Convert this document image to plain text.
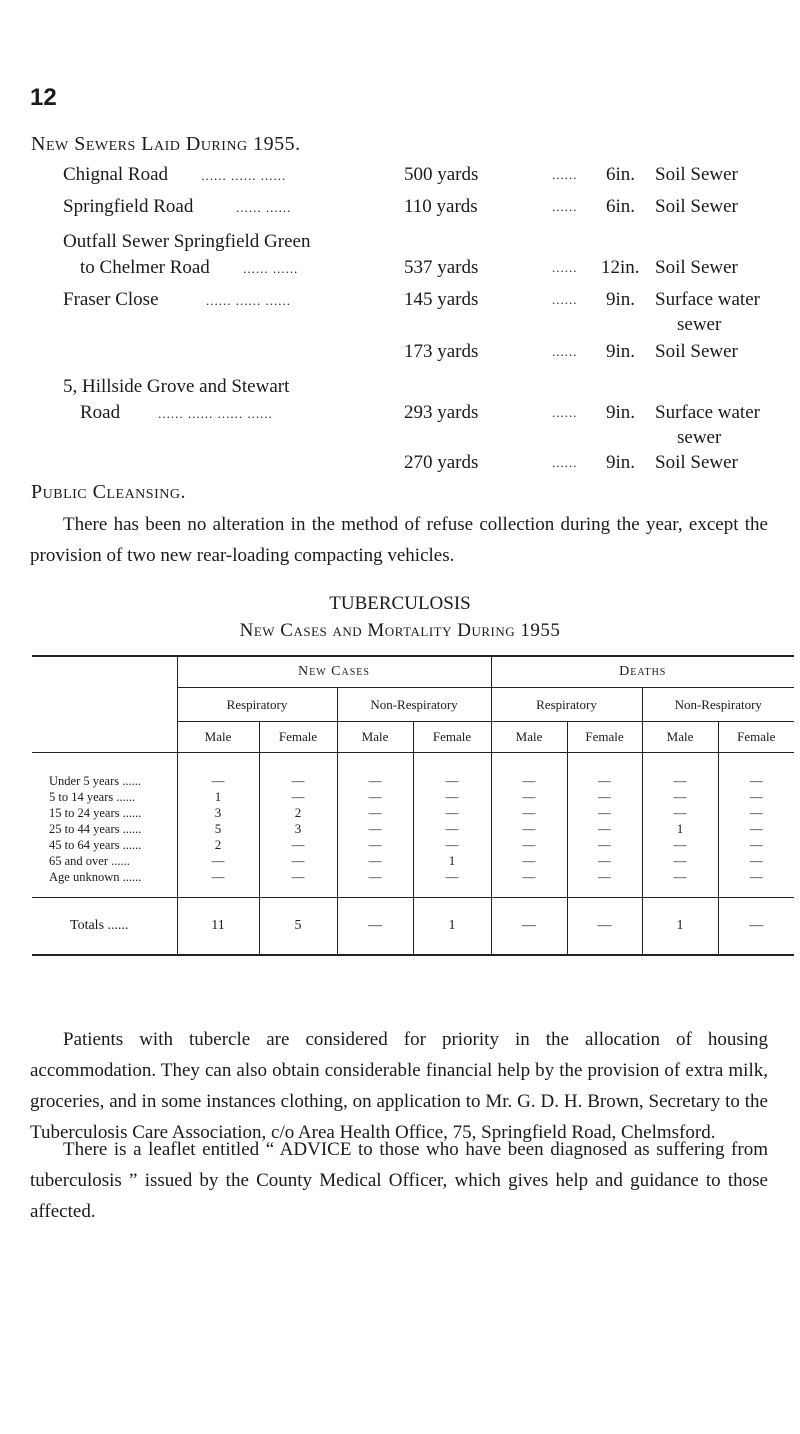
12
New Sewers Laid During 1955.
Chignal Road	...... ...... ......	500 yards	...... 6in. Soil Sewer
Springfield Road	...... ......	110 yards	...... 6in. Soil Sewer
Outfall Sewer Springfield Green
to Chelmer Road	...... ......	537 yards	...... 12in. Soil Sewer
Fraser Close	...... ...... ......	145 yards	...... 9in. Surface water
sewer
173 yards	...... 9in. Soil Sewer
5, Hillside Grove and Stewart
Road	...... ...... ...... ......	293 yards	...... 9in. Surface water
sewer
270 yards	...... 9in. Soil Sewer
Public Cleansing.
There has been no alteration in the method of refuse collection during the year, except the provision of two new rear-loading compacting vehicles.
TUBERCULOSIS
New Cases and Mortality During 1955
	New Cases				Deaths			
	Respiratory		Non-Respiratory		Respiratory		Non-Respiratory	
	Male	Female	Male	Female	Male	Female	Male	Female

Under 5 years ......	—	—	—	—	—	—	—	—
5 to 14 years ......	1	—	—	—	—	—	—	—
15 to 24 years ......	3	2	—	—	—	—	—	—
25 to 44 years ......	5	3	—	—	—	—	1	—
45 to 64 years ......	2	—	—	—	—	—	—	—
65 and over ......	—	—	—	1	—	—	—	—
Age unknown ......	—	—	—	—	—	—	—	—

Totals ......	11	5	—	1	—	—	1	—
Patients with tubercle are considered for priority in the allocation of housing accommodation. They can also obtain considerable financial help by the provision of extra milk, groceries, and in some instances clothing, on application to Mr. G. D. H. Brown, Secretary to the Tuberculosis Care Association, c/o Area Health Office, 75, Springfield Road, Chelmsford.
There is a leaflet entitled “ ADVICE to those who have been diagnosed as suffering from tuberculosis ” issued by the County Medical Officer, which gives help and guidance to those affected.
